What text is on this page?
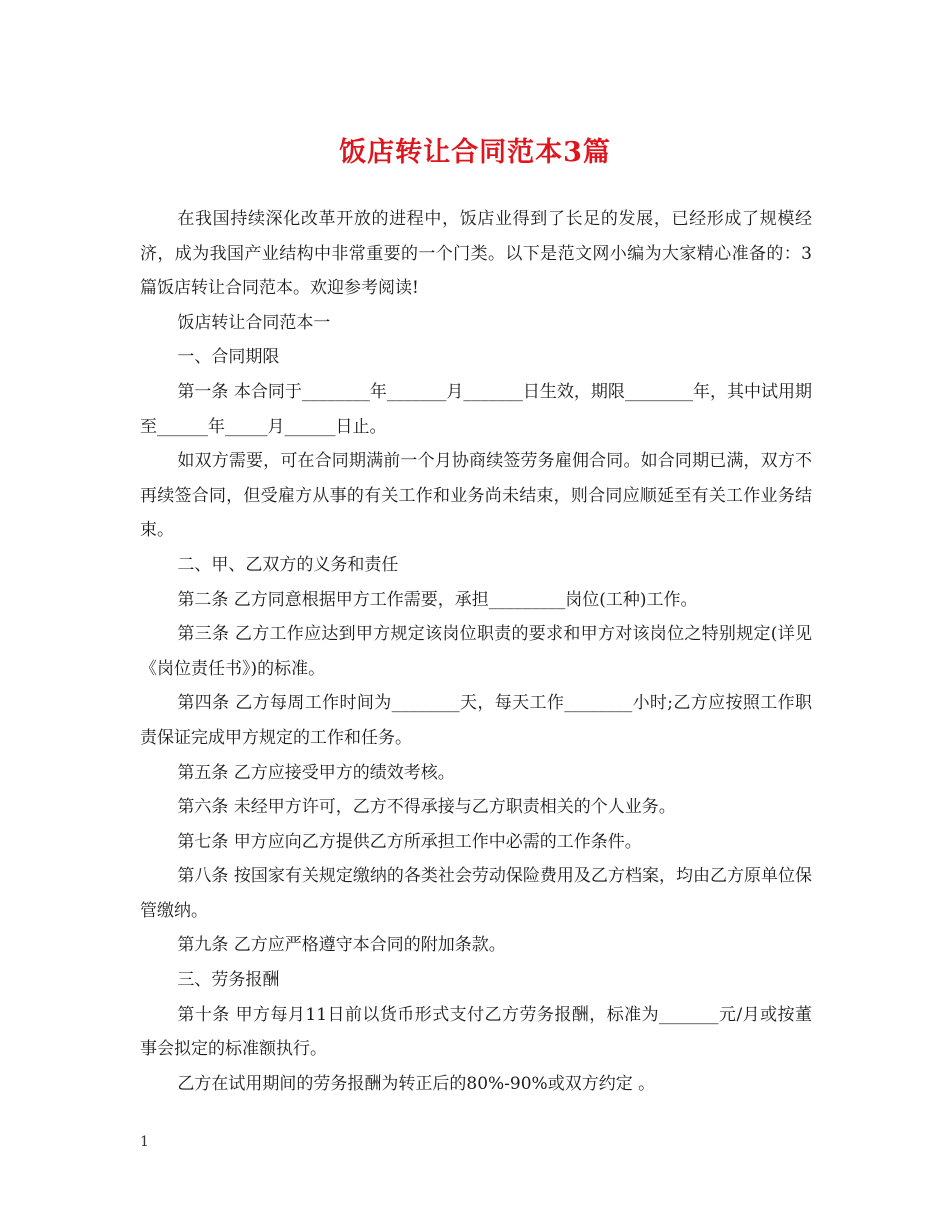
饭店转让合同范本3篇

在我国持续深化改革开放的进程中，饭店业得到了长足的发展，已经形成了规模经济，成为我国产业结构中非常重要的一个门类。以下是范文网小编为大家精心准备的：3篇饭店转让合同范本。欢迎参考阅读!

饭店转让合同范本一

一、合同期限

第一条 本合同于________年_______月_______日生效，期限________年，其中试用期至______年_____月______日止。

如双方需要，可在合同期满前一个月协商续签劳务雇佣合同。如合同期已满，双方不再续签合同，但受雇方从事的有关工作和业务尚未结束，则合同应顺延至有关工作业务结束。

二、甲、乙双方的义务和责任

第二条 乙方同意根据甲方工作需要，承担_________岗位(工种)工作。

第三条 乙方工作应达到甲方规定该岗位职责的要求和甲方对该岗位之特别规定(详见《岗位责任书》)的标准。

第四条 乙方每周工作时间为________天，每天工作________小时;乙方应按照工作职责保证完成甲方规定的工作和任务。

第五条 乙方应接受甲方的绩效考核。

第六条 未经甲方许可，乙方不得承接与乙方职责相关的个人业务。

第七条 甲方应向乙方提供乙方所承担工作中必需的工作条件。

第八条 按国家有关规定缴纳的各类社会劳动保险费用及乙方档案，均由乙方原单位保管缴纳。

第九条 乙方应严格遵守本合同的附加条款。

三、劳务报酬

第十条 甲方每月11日前以货币形式支付乙方劳务报酬，标准为_______元/月或按董事会拟定的标准额执行。

乙方在试用期间的劳务报酬为转正后的80%-90%或双方约定 。

1
